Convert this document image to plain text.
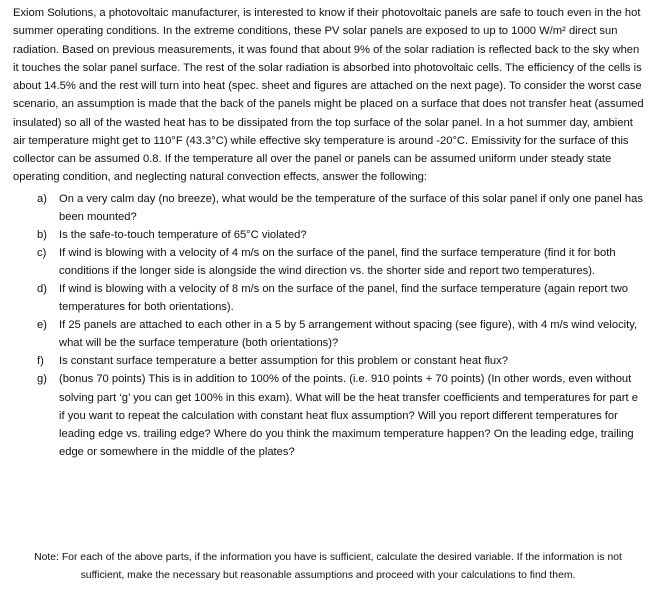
Exiom Solutions, a photovoltaic manufacturer, is interested to know if their photovoltaic panels are safe to touch even in the hot summer operating conditions. In the extreme conditions, these PV solar panels are exposed to up to 1000 W/m² direct sun radiation. Based on previous measurements, it was found that about 9% of the solar radiation is reflected back to the sky when it touches the solar panel surface. The rest of the solar radiation is absorbed into photovoltaic cells. The efficiency of the cells is about 14.5% and the rest will turn into heat (spec. sheet and figures are attached on the next page). To consider the worst case scenario, an assumption is made that the back of the panels might be placed on a surface that does not transfer heat (assumed insulated) so all of the wasted heat has to be dissipated from the top surface of the solar panel. In a hot summer day, ambient air temperature might get to 110°F (43.3°C) while effective sky temperature is around -20°C. Emissivity for the surface of this collector can be assumed 0.8. If the temperature all over the panel or panels can be assumed uniform under steady state operating condition, and neglecting natural convection effects, answer the following:

a) On a very calm day (no breeze), what would be the temperature of the surface of this solar panel if only one panel has been mounted?
b) Is the safe-to-touch temperature of 65°C violated?
c) If wind is blowing with a velocity of 4 m/s on the surface of the panel, find the surface temperature (find it for both conditions if the longer side is alongside the wind direction vs. the shorter side and report two temperatures).
d) If wind is blowing with a velocity of 8 m/s on the surface of the panel, find the surface temperature (again report two temperatures for both orientations).
e) If 25 panels are attached to each other in a 5 by 5 arrangement without spacing (see figure), with 4 m/s wind velocity, what will be the surface temperature (both orientations)?
f) Is constant surface temperature a better assumption for this problem or constant heat flux?
g) (bonus 70 points) This is in addition to 100% of the points. (i.e. 910 points + 70 points) (In other words, even without solving part ‘g’ you can get 100% in this exam). What will be the heat transfer coefficients and temperatures for part e if you want to repeat the calculation with constant heat flux assumption? Will you report different temperatures for leading edge vs. trailing edge? Where do you think the maximum temperature happen? On the leading edge, trailing edge or somewhere in the middle of the plates?

Note: For each of the above parts, if the information you have is sufficient, calculate the desired variable. If the information is not sufficient, make the necessary but reasonable assumptions and proceed with your calculations to find them.
